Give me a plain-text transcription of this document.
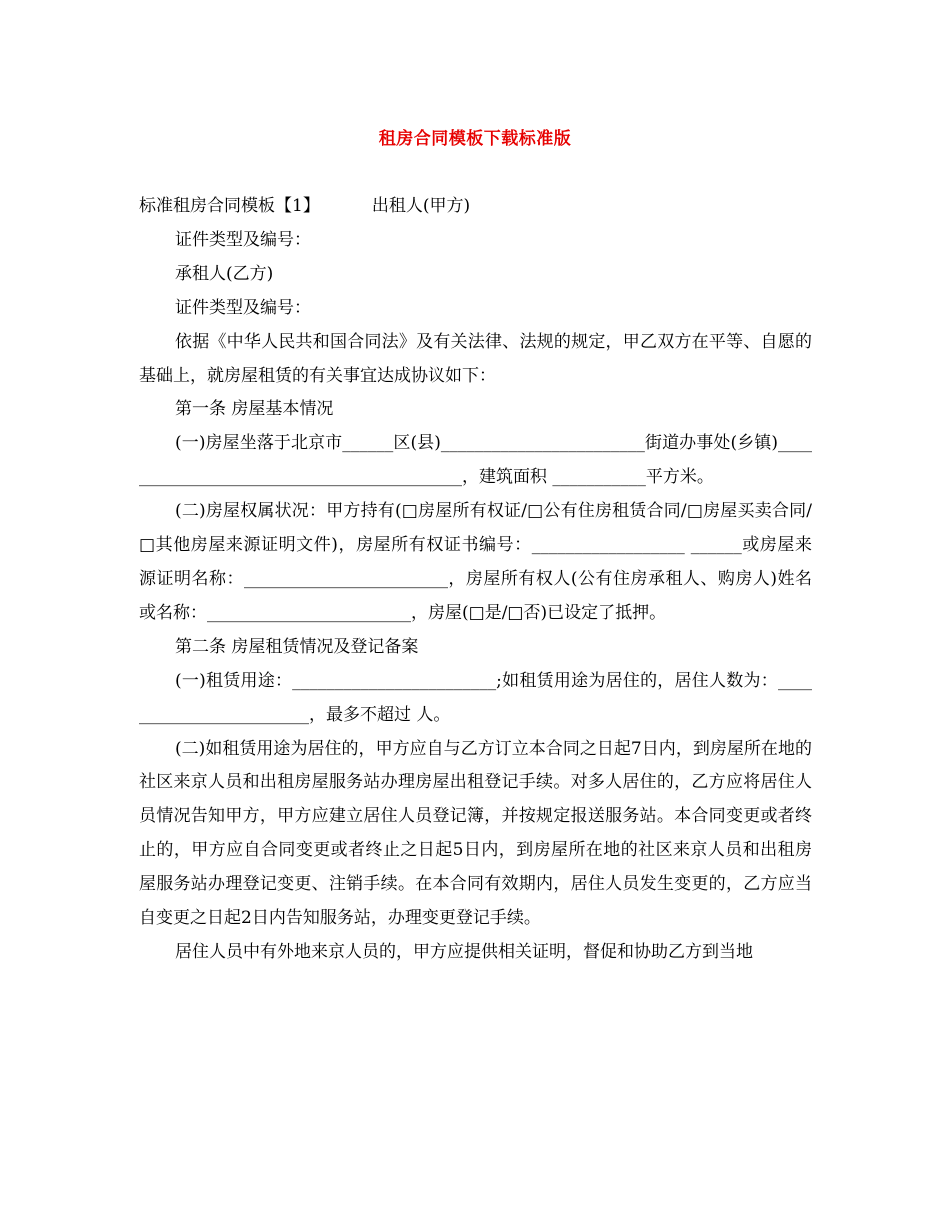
租房合同模板下载标准版

标准租房合同模板【1】	出租人(甲方)

证件类型及编号：

承租人(乙方)

证件类型及编号：

依据《中华人民共和国合同法》及有关法律、法规的规定，甲乙双方在平等、自愿的基础上，就房屋租赁的有关事宜达成协议如下：

第一条 房屋基本情况

(一)房屋坐落于北京市______区(县)________________________街道办事处(乡镇)__________________________________________，建筑面积 ___________平方米。

(二)房屋权属状况：甲方持有(□房屋所有权证/□公有住房租赁合同/□房屋买卖合同/□其他房屋来源证明文件)，房屋所有权证书编号：__________________ ______或房屋来源证明名称：________________________，房屋所有权人(公有住房承租人、购房人)姓名或名称：________________________，房屋(□是/□否)已设定了抵押。

第二条 房屋租赁情况及登记备案

(一)租赁用途：________________________;如租赁用途为居住的，居住人数为：________________________，最多不超过 人。

(二)如租赁用途为居住的，甲方应自与乙方订立本合同之日起7日内，到房屋所在地的社区来京人员和出租房屋服务站办理房屋出租登记手续。对多人居住的，乙方应将居住人员情况告知甲方，甲方应建立居住人员登记簿，并按规定报送服务站。本合同变更或者终止的，甲方应自合同变更或者终止之日起5日内，到房屋所在地的社区来京人员和出租房屋服务站办理登记变更、注销手续。在本合同有效期内，居住人员发生变更的，乙方应当自变更之日起2日内告知服务站，办理变更登记手续。

居住人员中有外地来京人员的，甲方应提供相关证明，督促和协助乙方到当地
